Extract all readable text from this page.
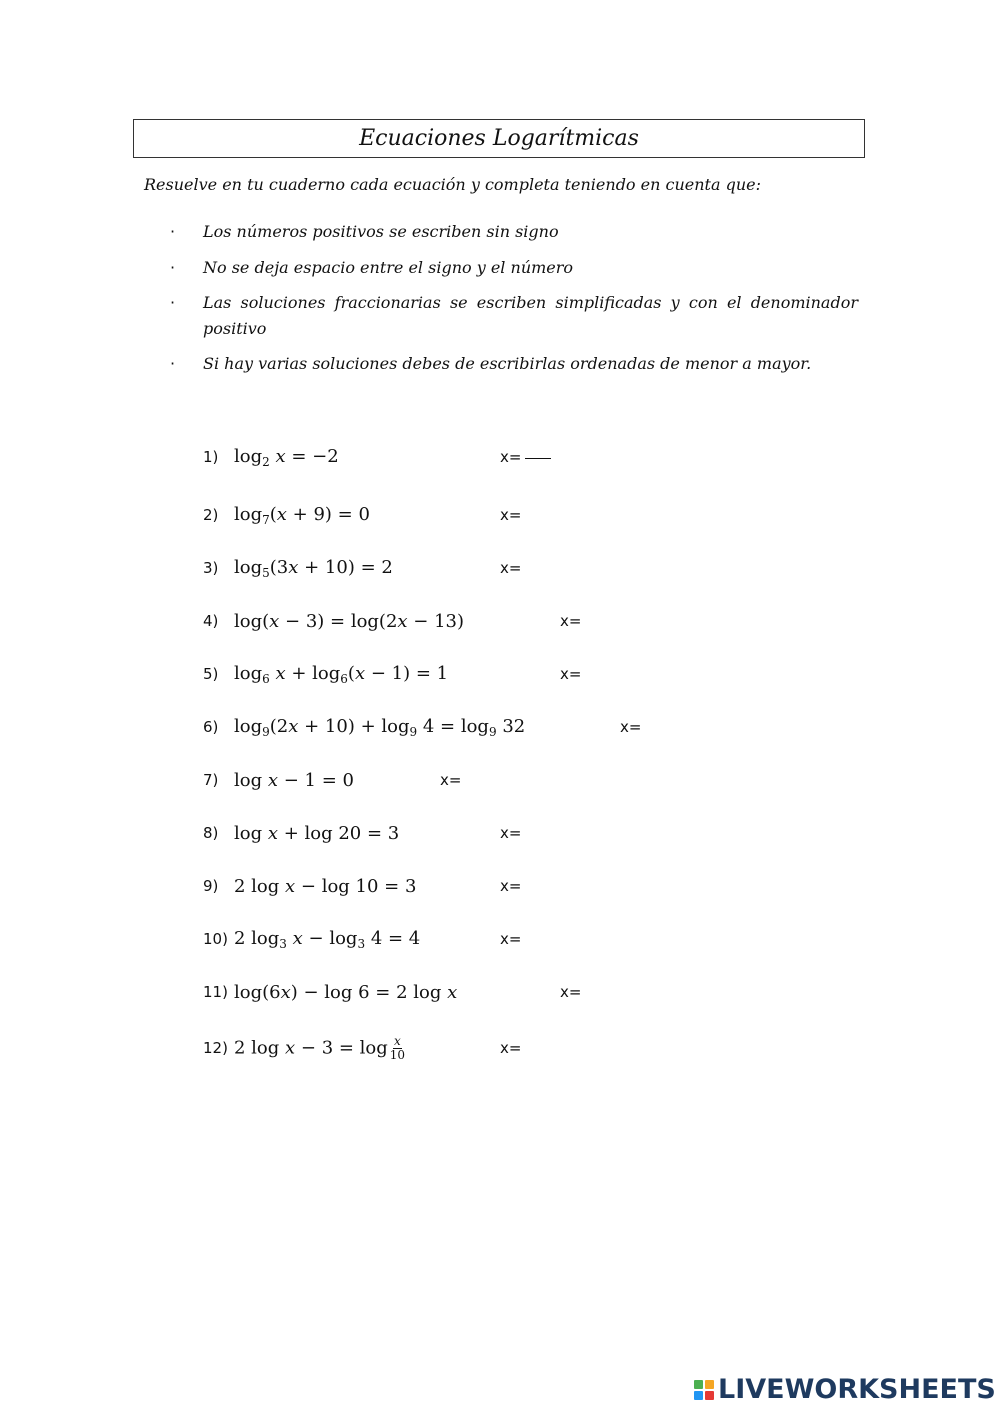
Ecuaciones Logarítmicas
Resuelve en tu cuaderno cada ecuación y completa teniendo en cuenta que:
· Los números positivos se escriben sin signo
· No se deja espacio entre el signo y el número
· Las soluciones fraccionarias se escriben simplificadas y con el denominador positivo
· Si hay varias soluciones debes de escribirlas ordenadas de menor a mayor.
1) $\log_2$ 𝑥 = −2	x=
2) $\log_7(𝑥 + 9) = 0$	x=
3) $\log_5(3𝑥 + 10) = 2$	x=
4) log(𝑥 − 3) = log(2𝑥 − 13)	x=
5) $\log_6$ 𝑥 + $\log_6(𝑥 - 1) = 1$	x=
6) $\log_9(2𝑥 + 10) + \log_9 4 = \log_9 32$	x=
7) log 𝑥 − 1 = 0	x=
8) log 𝑥 + log 20 = 3	x=
9) 2 log 𝑥 − log 10 = 3	x=
10) 2 $\log_3$ 𝑥 − $\log_3 4 = 4$	x=
11) log(6𝑥) − log 6 = 2 log 𝑥	x=
12) 2 log 𝑥 − $3 = \log \frac{\text{𝑥}}{10}$	x=
LIVEWORKSHEETS
